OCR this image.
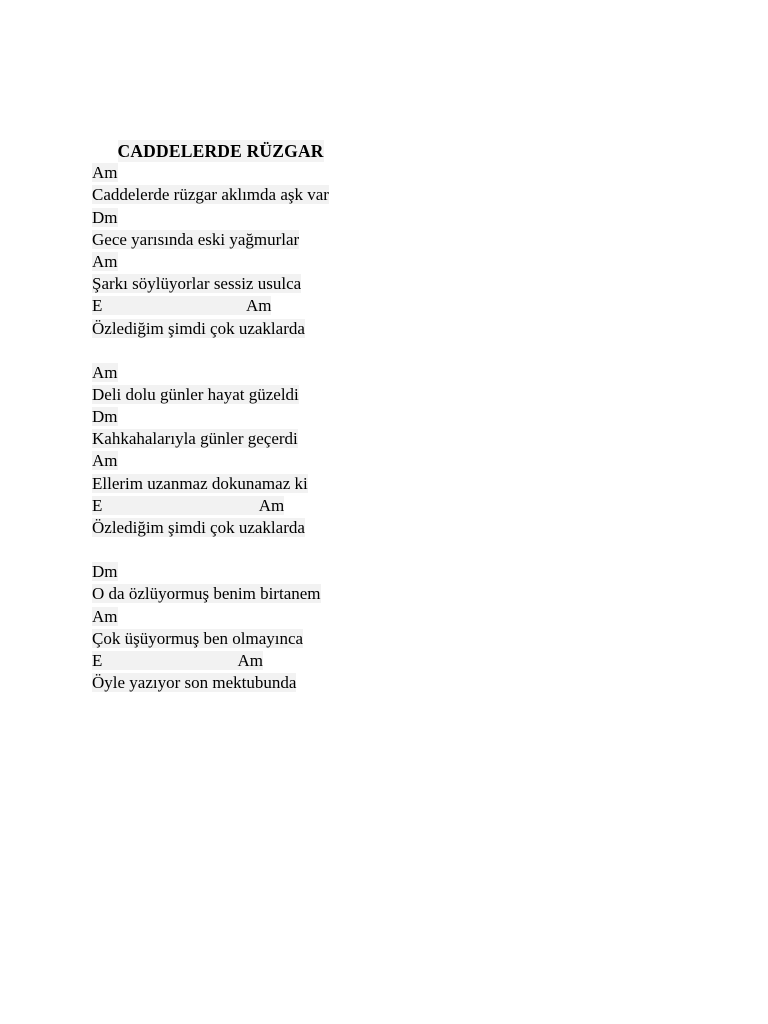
CADDELERDE RÜZGAR

Am
Caddelerde rüzgar aklımda aşk var
Dm
Gece yarısında eski yağmurlar
Am
Şarkı söylüyorlar sessiz usulca
E                                  Am
Özlediğim şimdi çok uzaklarda

Am
Deli dolu günler hayat güzeldi
Dm
Kahkahalarıyla günler geçerdi
Am
Ellerim uzanmaz dokunamaz ki
E                                     Am
Özlediğim şimdi çok uzaklarda

Dm
O da özlüyormuş benim birtanem
Am
Çok üşüyormuş ben olmayınca
E                                Am
Öyle yazıyor son mektubunda
